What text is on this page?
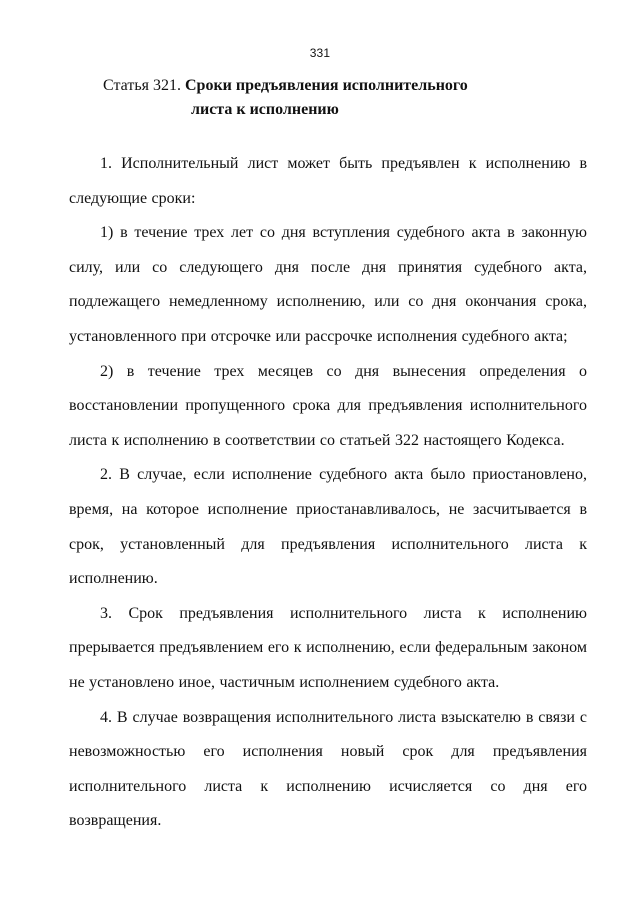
331
Статья 321. Сроки предъявления исполнительного
листа к исполнению

1. Исполнительный лист может быть предъявлен к исполнению в следующие сроки:

1) в течение трех лет со дня вступления судебного акта в законную силу, или со следующего дня после дня принятия судебного акта, подлежащего немедленному исполнению, или со дня окончания срока, установленного при отсрочке или рассрочке исполнения судебного акта;

2) в течение трех месяцев со дня вынесения определения о восстановлении пропущенного срока для предъявления исполнительного листа к исполнению в соответствии со статьей 322 настоящего Кодекса.

2. В случае, если исполнение судебного акта было приостановлено, время, на которое исполнение приостанавливалось, не засчитывается в срок, установленный для предъявления исполнительного листа к исполнению.

3. Срок предъявления исполнительного листа к исполнению прерывается предъявлением его к исполнению, если федеральным законом не установлено иное, частичным исполнением судебного акта.

4. В случае возвращения исполнительного листа взыскателю в связи с невозможностью его исполнения новый срок для предъявления исполнительного листа к исполнению исчисляется со дня его возвращения.
